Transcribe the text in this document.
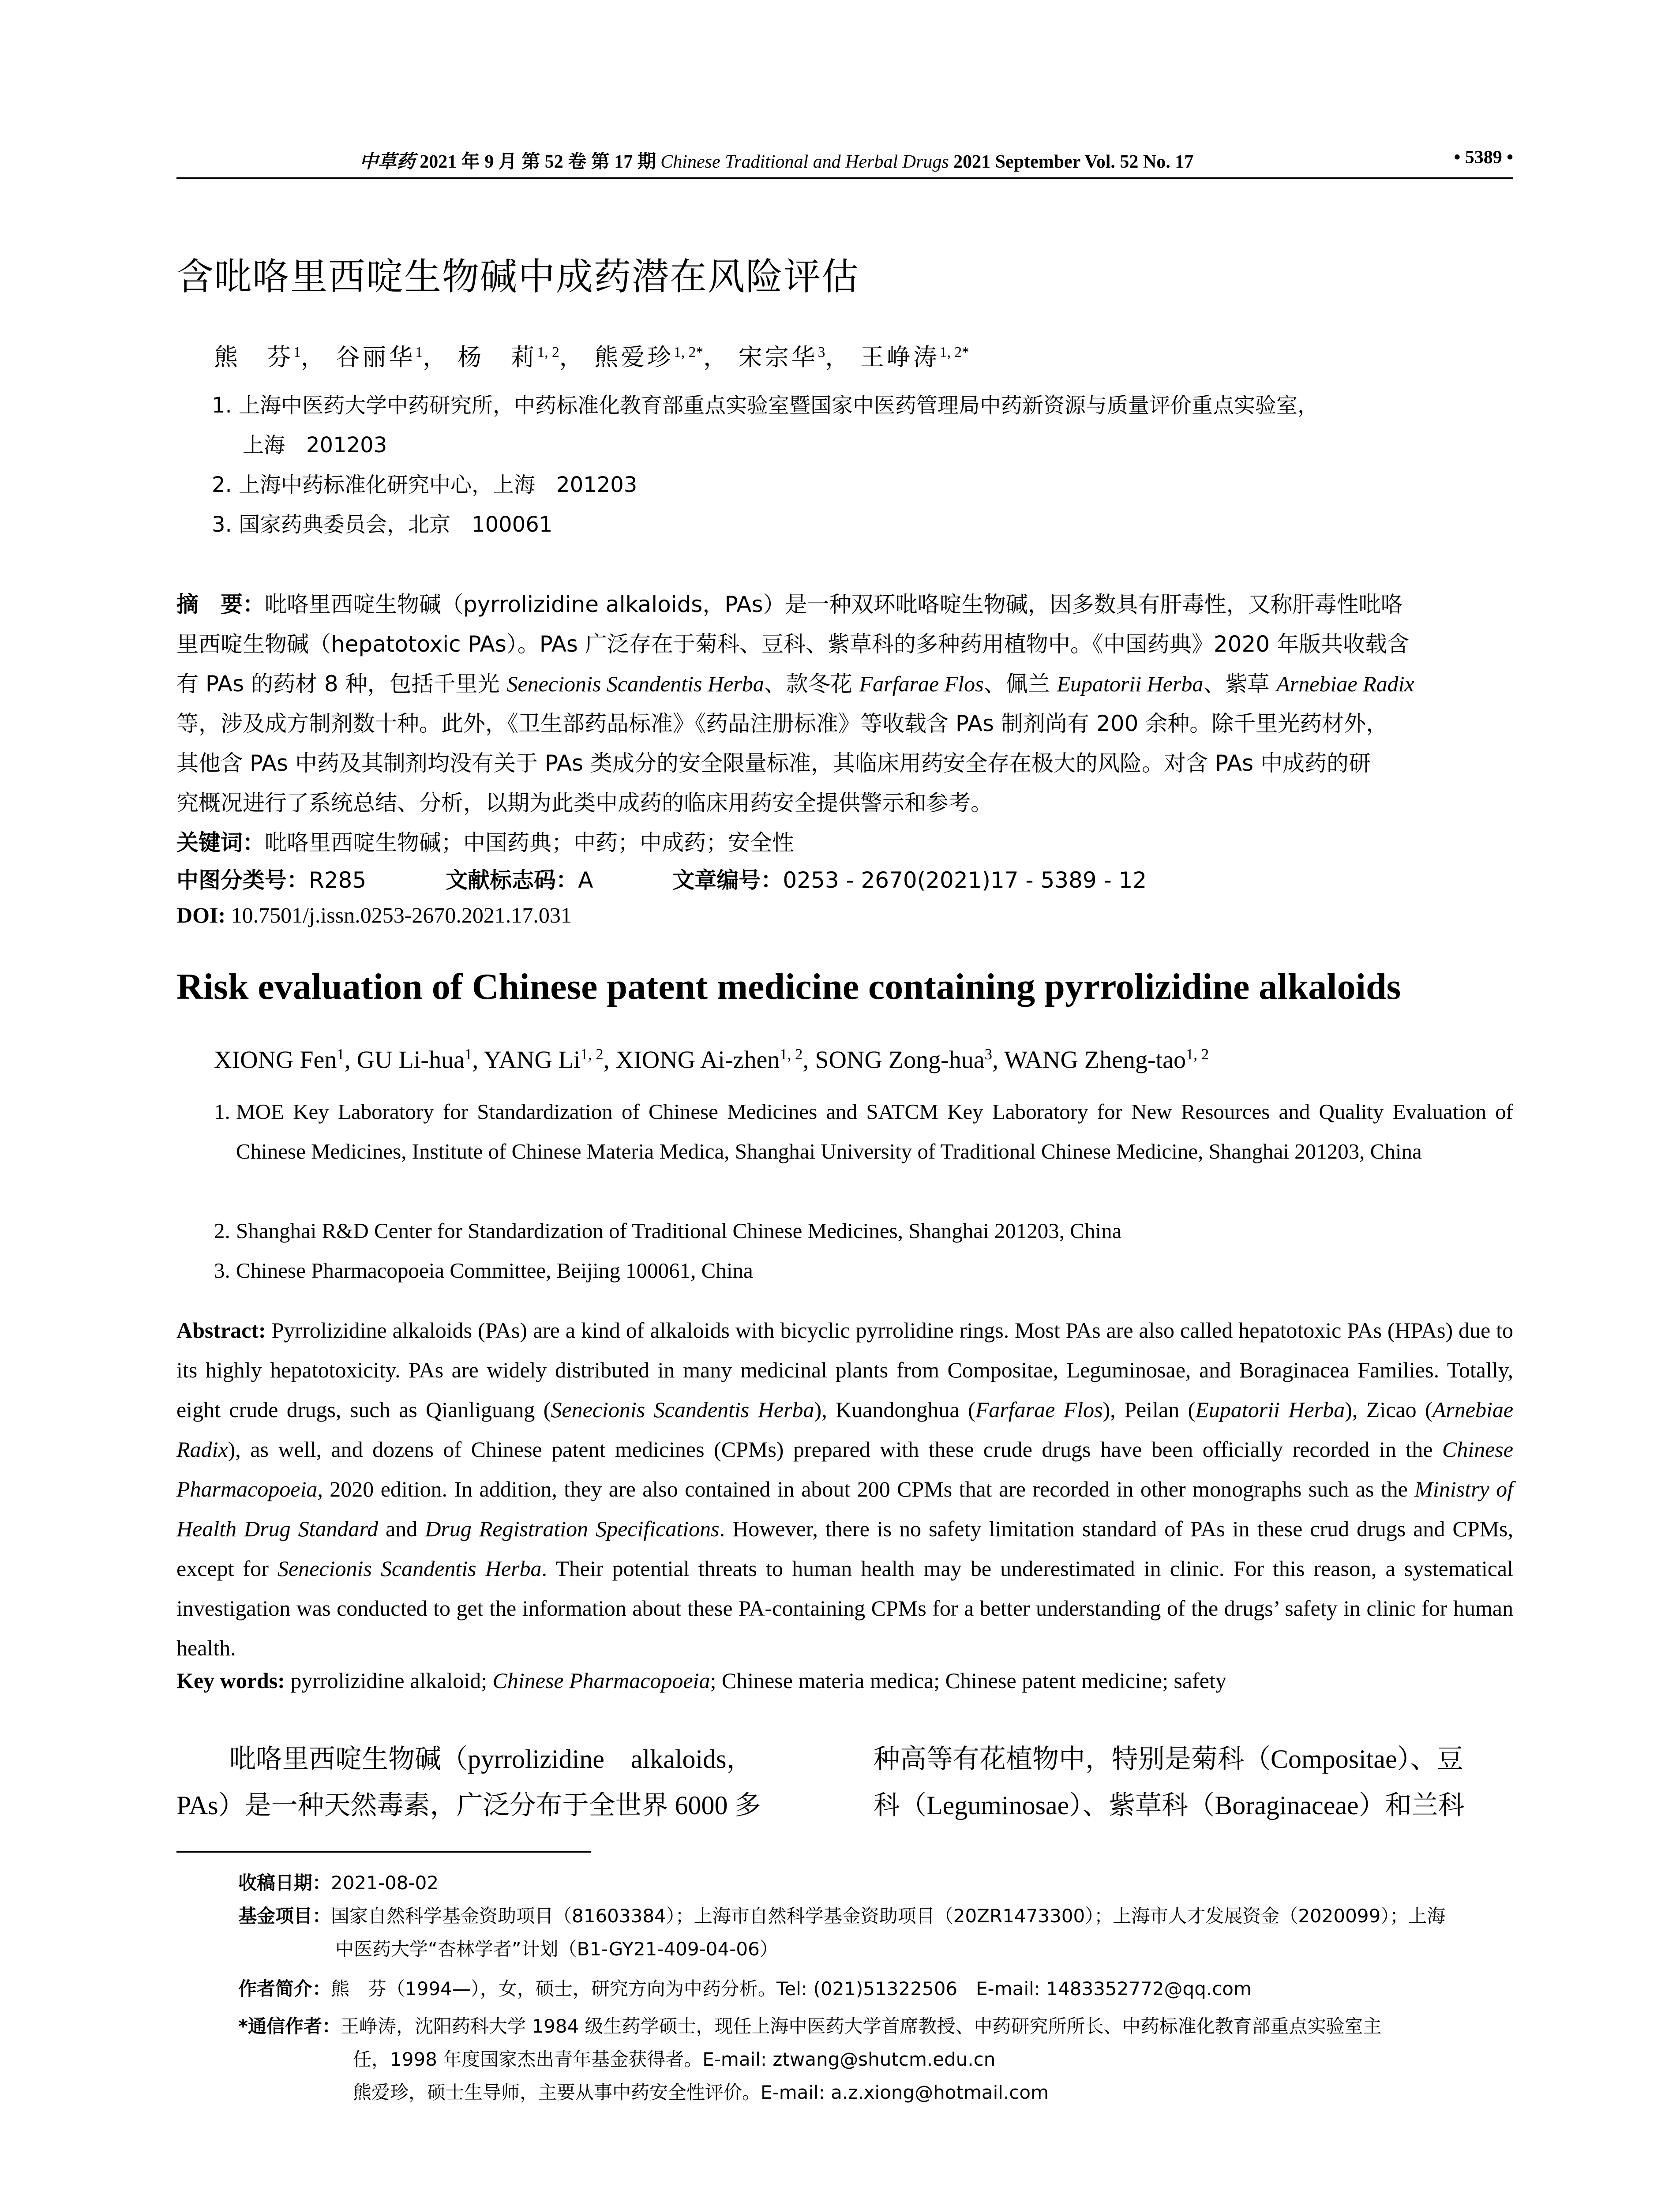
中草药 2021 年 9 月 第 52 卷 第 17 期 Chinese Traditional and Herbal Drugs 2021 September Vol. 52 No. 17	• 5389 •
含吡咯里西啶生物碱中成药潜在风险评估
熊　芬$^1$， 谷丽华$^1$， 杨　莉$^{1, 2}$， 熊爱珍$^{1, 2*}$， 宋宗华$^3$， 王峥涛$^{1, 2*}$
1. 上海中医药大学中药研究所，中药标准化教育部重点实验室暨国家中医药管理局中药新资源与质量评价重点实验室，
上海　201203
2. 上海中药标准化研究中心，上海　201203
3. 国家药典委员会，北京　100061
摘　要：吡咯里西啶生物碱（pyrrolizidine alkaloids，PAs）是一种双环吡咯啶生物碱，因多数具有肝毒性，又称肝毒性吡咯
里西啶生物碱（hepatotoxic PAs）。PAs 广泛存在于菊科、豆科、紫草科的多种药用植物中。《中国药典》2020 年版共收载含
有 PAs 的药材 8 种，包括千里光 Senecionis Scandentis Herba、款冬花 Farfarae Flos、佩兰 Eupatorii Herba、紫草 Arnebiae Radix
等，涉及成方制剂数十种。此外，《卫生部药品标准》《药品注册标准》等收载含 PAs 制剂尚有 200 余种。除千里光药材外，
其他含 PAs 中药及其制剂均没有关于 PAs 类成分的安全限量标准，其临床用药安全存在极大的风险。对含 PAs 中成药的研
究概况进行了系统总结、分析，以期为此类中成药的临床用药安全提供警示和参考。
关键词：吡咯里西啶生物碱；中国药典；中药；中成药；安全性
中图分类号：R285	文献标志码：A	文章编号：0253 - 2670(2021)17 - 5389 - 12
DOI: 10.7501/j.issn.0253-2670.2021.17.031
Risk evaluation of Chinese patent medicine containing pyrrolizidine alkaloids
XIONG Fen$^1$, GU Li-hua$^1$, YANG Li$^{1, 2}$, XIONG Ai-zhen$^{1, 2}$, SONG Zong-hua$^3$, WANG Zheng-tao$^{1, 2}$
1. MOE Key Laboratory for Standardization of Chinese Medicines and SATCM Key Laboratory for New Resources and Quality Evaluation of Chinese Medicines, Institute of Chinese Materia Medica, Shanghai University of Traditional Chinese Medicine, Shanghai 201203, China
2. Shanghai R&D Center for Standardization of Traditional Chinese Medicines, Shanghai 201203, China
3. Chinese Pharmacopoeia Committee, Beijing 100061, China
Abstract: Pyrrolizidine alkaloids (PAs) are a kind of alkaloids with bicyclic pyrrolidine rings. Most PAs are also called hepatotoxic PAs (HPAs) due to its highly hepatotoxicity. PAs are widely distributed in many medicinal plants from Compositae, Leguminosae, and Boraginacea Families. Totally, eight crude drugs, such as Qianliguang (Senecionis Scandentis Herba), Kuandonghua (Farfarae Flos), Peilan (Eupatorii Herba), Zicao (Arnebiae Radix), as well, and dozens of Chinese patent medicines (CPMs) prepared with these crude drugs have been officially recorded in the Chinese Pharmacopoeia, 2020 edition. In addition, they are also contained in about 200 CPMs that are recorded in other monographs such as the Ministry of Health Drug Standard and Drug Registration Specifications. However, there is no safety limitation standard of PAs in these crud drugs and CPMs, except for Senecionis Scandentis Herba. Their potential threats to human health may be underestimated in clinic. For this reason, a systematical investigation was conducted to get the information about these PA-containing CPMs for a better understanding of the drugs’ safety in clinic for human health.
Key words: pyrrolizidine alkaloid; Chinese Pharmacopoeia; Chinese materia medica; Chinese patent medicine; safety
吡咯里西啶生物碱（pyrrolizidine　alkaloids，
PAs）是一种天然毒素，广泛分布于全世界 6000 多
种高等有花植物中，特别是菊科（Compositae）、豆
科（Leguminosae）、紫草科（Boraginaceae）和兰科
收稿日期：2021-08-02
基金项目：国家自然科学基金资助项目（81603384）；上海市自然科学基金资助项目（20ZR1473300）；上海市人才发展资金（2020099）；上海
中医药大学“杏林学者”计划（B1-GY21-409-04-06）
作者简介：熊　芬（1994—），女，硕士，研究方向为中药分析。Tel: (021)51322506　E-mail: 1483352772@qq.com
*通信作者：王峥涛，沈阳药科大学 1984 级生药学硕士，现任上海中医药大学首席教授、中药研究所所长、中药标准化教育部重点实验室主
任，1998 年度国家杰出青年基金获得者。E-mail: ztwang@shutcm.edu.cn
熊爱珍，硕士生导师，主要从事中药安全性评价。E-mail: a.z.xiong@hotmail.com
